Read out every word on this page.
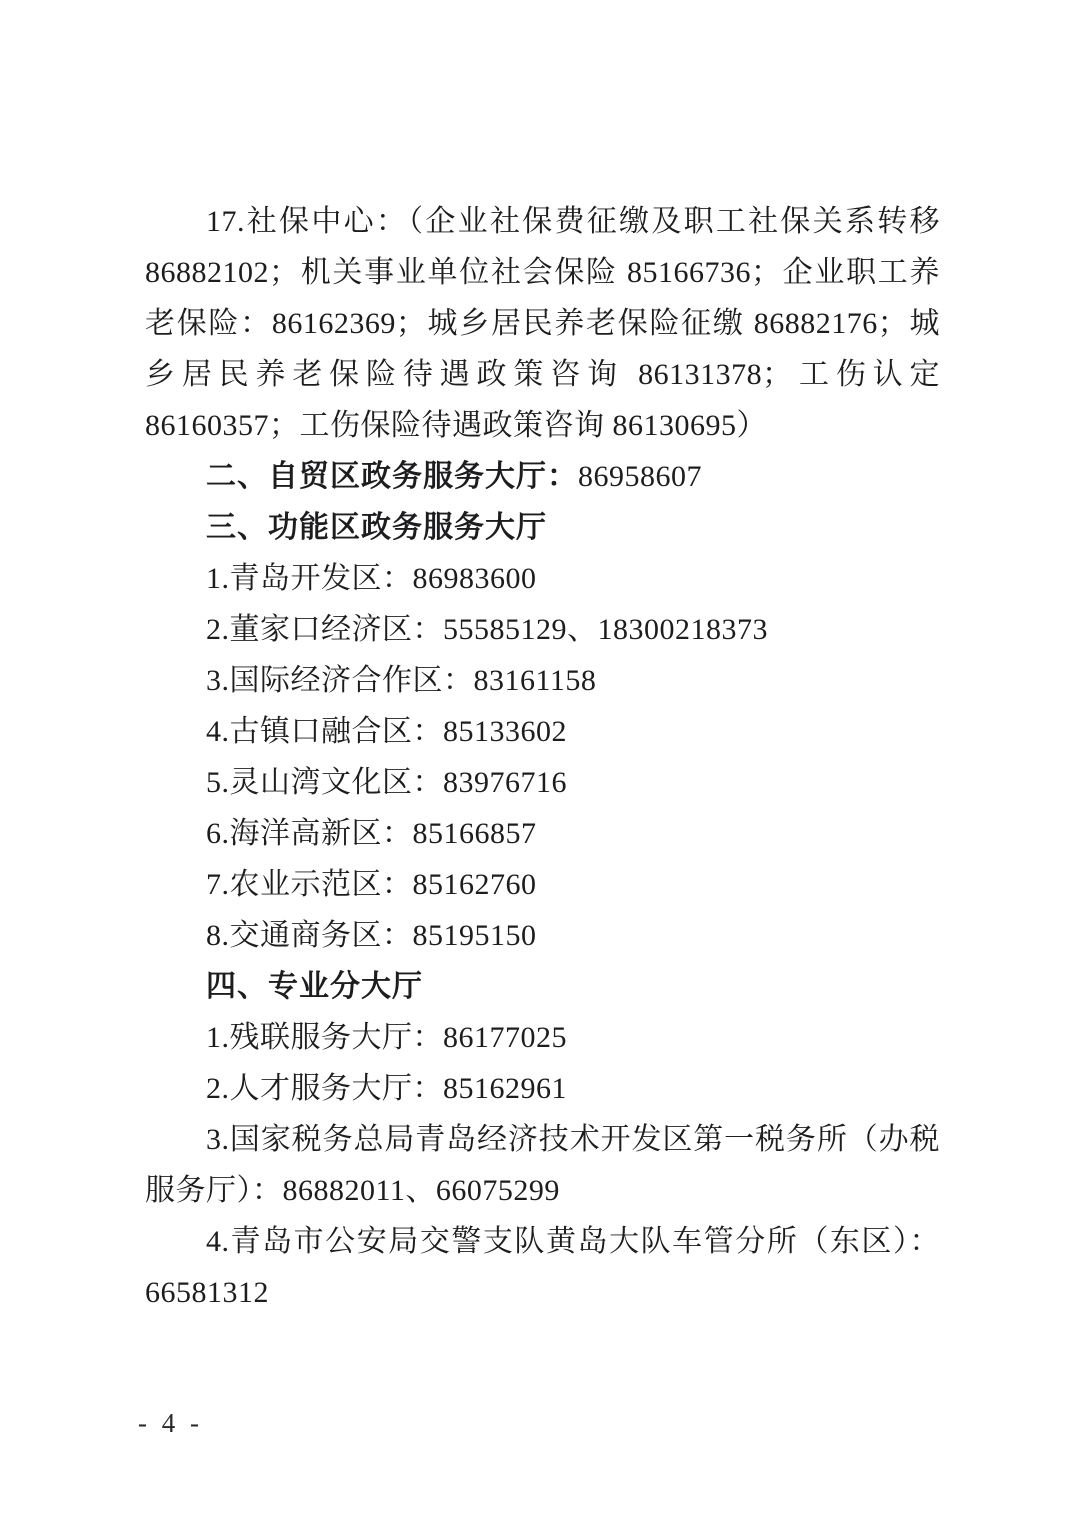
17.社保中心：（企业社保费征缴及职工社保关系转移 86882102；机关事业单位社会保险 85166736；企业职工养老保险：86162369；城乡居民养老保险征缴 86882176；城乡居民养老保险待遇政策咨询 86131378；工伤认定 86160357；工伤保险待遇政策咨询 86130695）

二、自贸区政务服务大厅：86958607

三、功能区政务服务大厅

1.青岛开发区：86983600

2.董家口经济区：55585129、18300218373

3.国际经济合作区：83161158

4.古镇口融合区：85133602

5.灵山湾文化区：83976716

6.海洋高新区：85166857

7.农业示范区：85162760

8.交通商务区：85195150

四、专业分大厅

1.残联服务大厅：86177025

2.人才服务大厅：85162961

3.国家税务总局青岛经济技术开发区第一税务所（办税服务厅）：86882011、66075299

4.青岛市公安局交警支队黄岛大队车管分所（东区）：66581312

- 4 -
